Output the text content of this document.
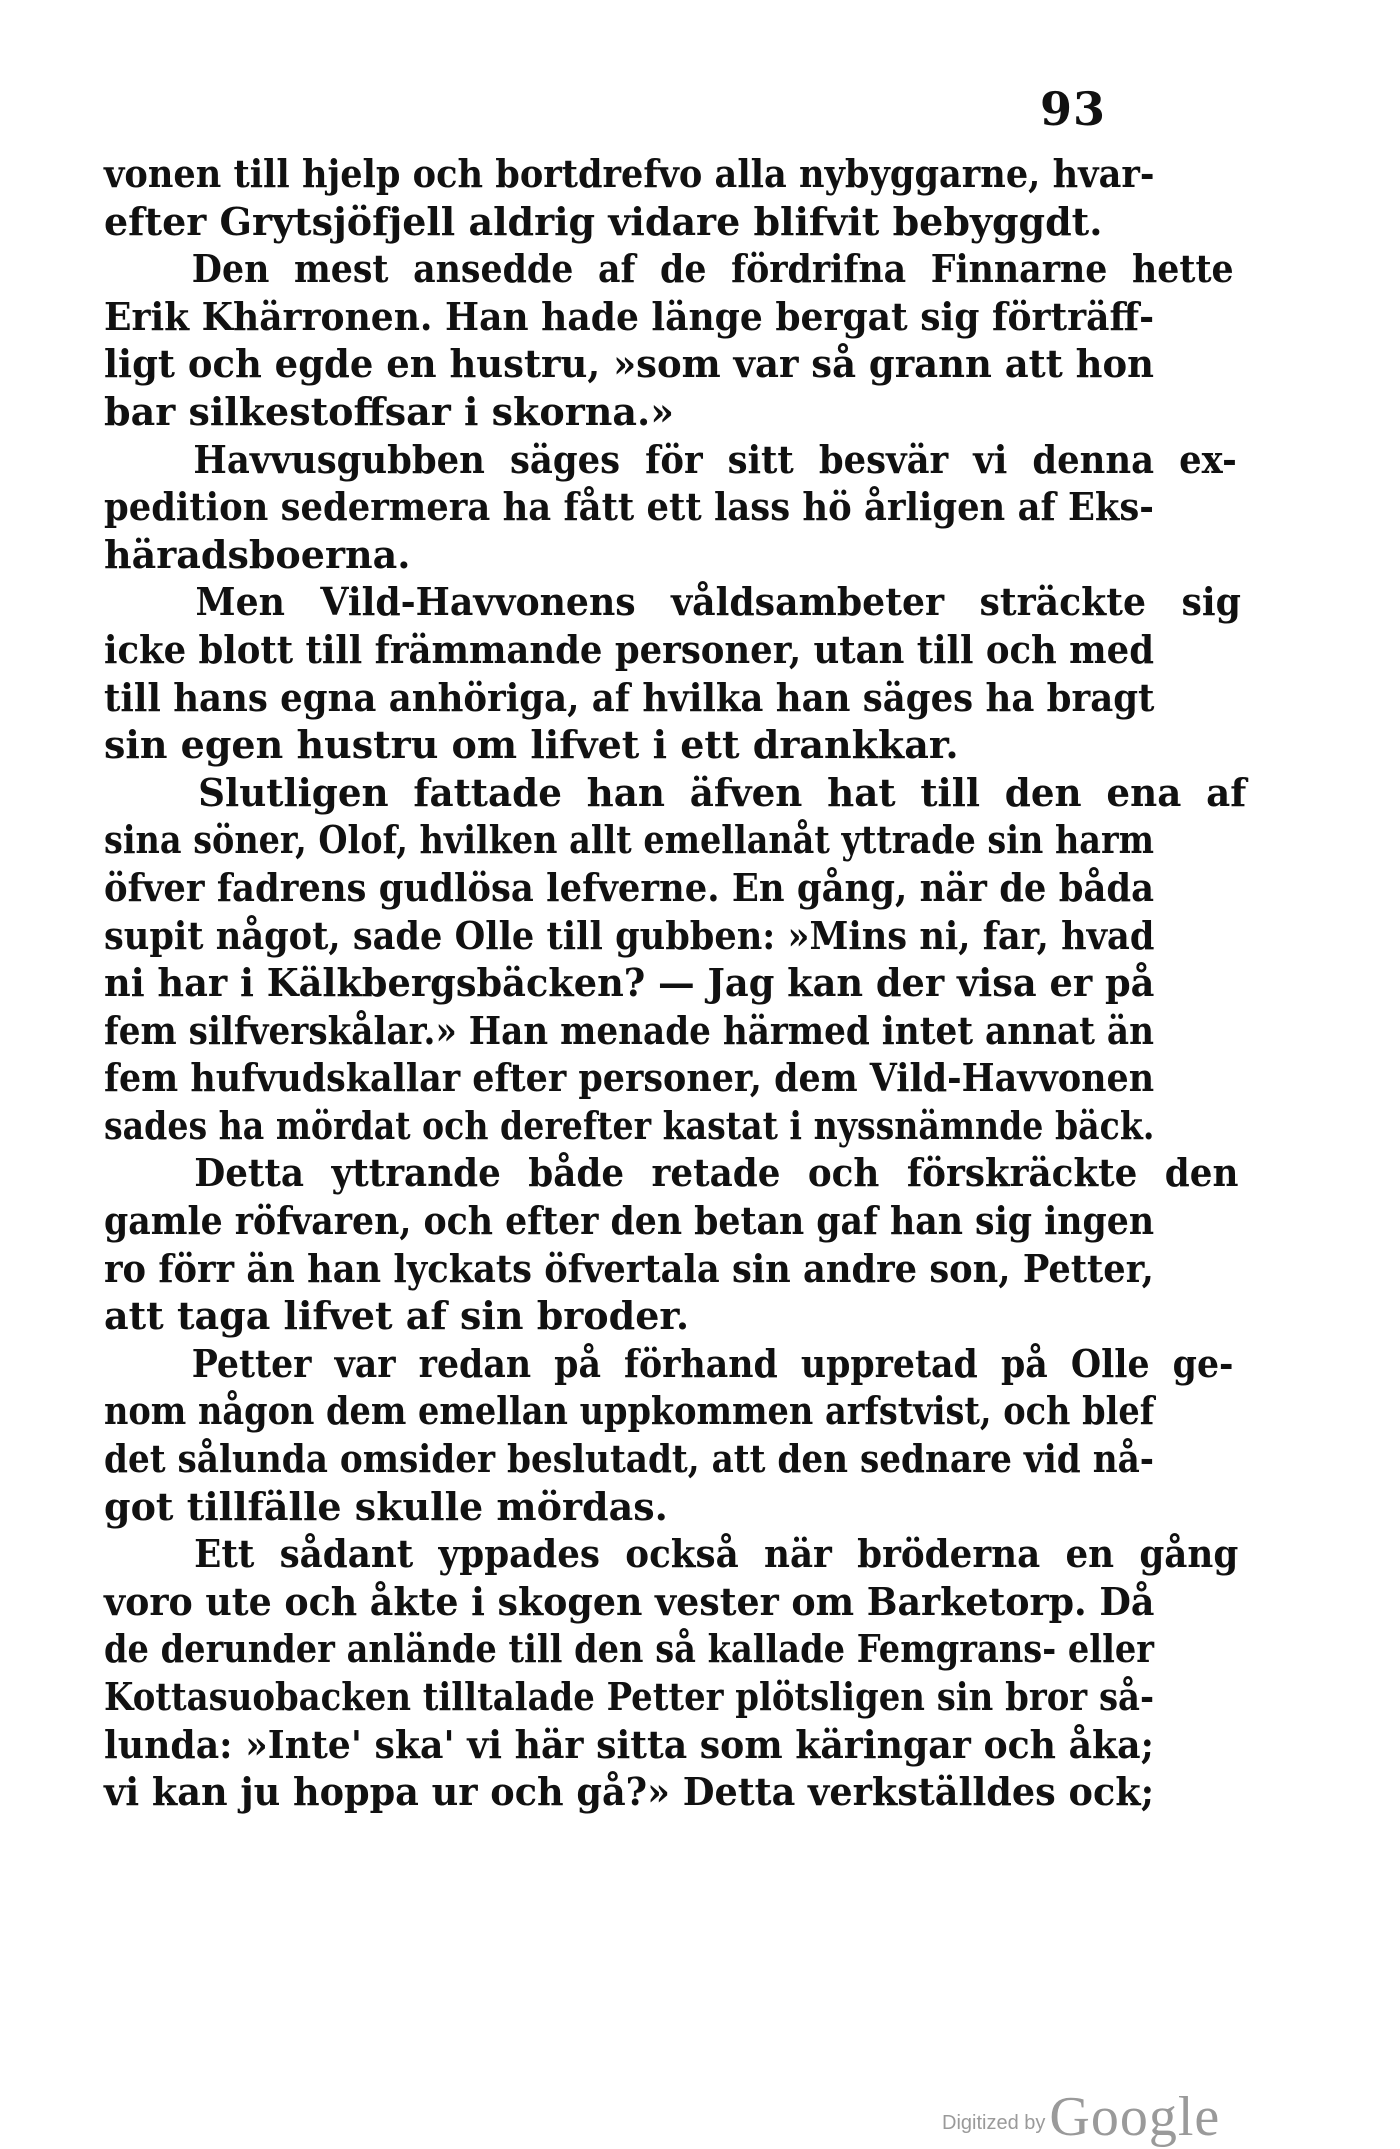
93
vonen till hjelp och bortdrefvo alla nybyggarne, hvar-
efter Grytsjöfjell aldrig vidare blifvit bebyggdt.
Den mest ansedde af de fördrifna Finnarne hette
Erik Khärronen. Han hade länge bergat sig förträff-
ligt och egde en hustru, »som var så grann att hon
bar silkestoffsar i skorna.»
Havvusgubben säges för sitt besvär vi denna ex-
pedition sedermera ha fått ett lass hö årligen af Eks-
häradsboerna.
Men Vild-Havvonens våldsambeter sträckte sig
icke blott till främmande personer, utan till och med
till hans egna anhöriga, af hvilka han säges ha bragt
sin egen hustru om lifvet i ett drankkar.
Slutligen fattade han äfven hat till den ena af
sina söner, Olof, hvilken allt emellanåt yttrade sin harm
öfver fadrens gudlösa lefverne. En gång, när de båda
supit något, sade Olle till gubben: »Mins ni, far, hvad
ni har i Kälkbergsbäcken? — Jag kan der visa er på
fem silfverskålar.» Han menade härmed intet annat än
fem hufvudskallar efter personer, dem Vild-Havvonen
sades ha mördat och derefter kastat i nyssnämnde bäck.
Detta yttrande både retade och förskräckte den
gamle röfvaren, och efter den betan gaf han sig ingen
ro förr än han lyckats öfvertala sin andre son, Petter,
att taga lifvet af sin broder.
Petter var redan på förhand uppretad på Olle ge-
nom någon dem emellan uppkommen arfstvist, och blef
det sålunda omsider beslutadt, att den sednare vid nå-
got tillfälle skulle mördas.
Ett sådant yppades också när bröderna en gång
voro ute och åkte i skogen vester om Barketorp. Då
de derunder anlände till den så kallade Femgrans- eller
Kottasuobacken tilltalade Petter plötsligen sin bror så-
lunda: »Inte' ska' vi här sitta som käringar och åka;
vi kan ju hoppa ur och gå?» Detta verkställdes ock;
Digitized byGoogle
